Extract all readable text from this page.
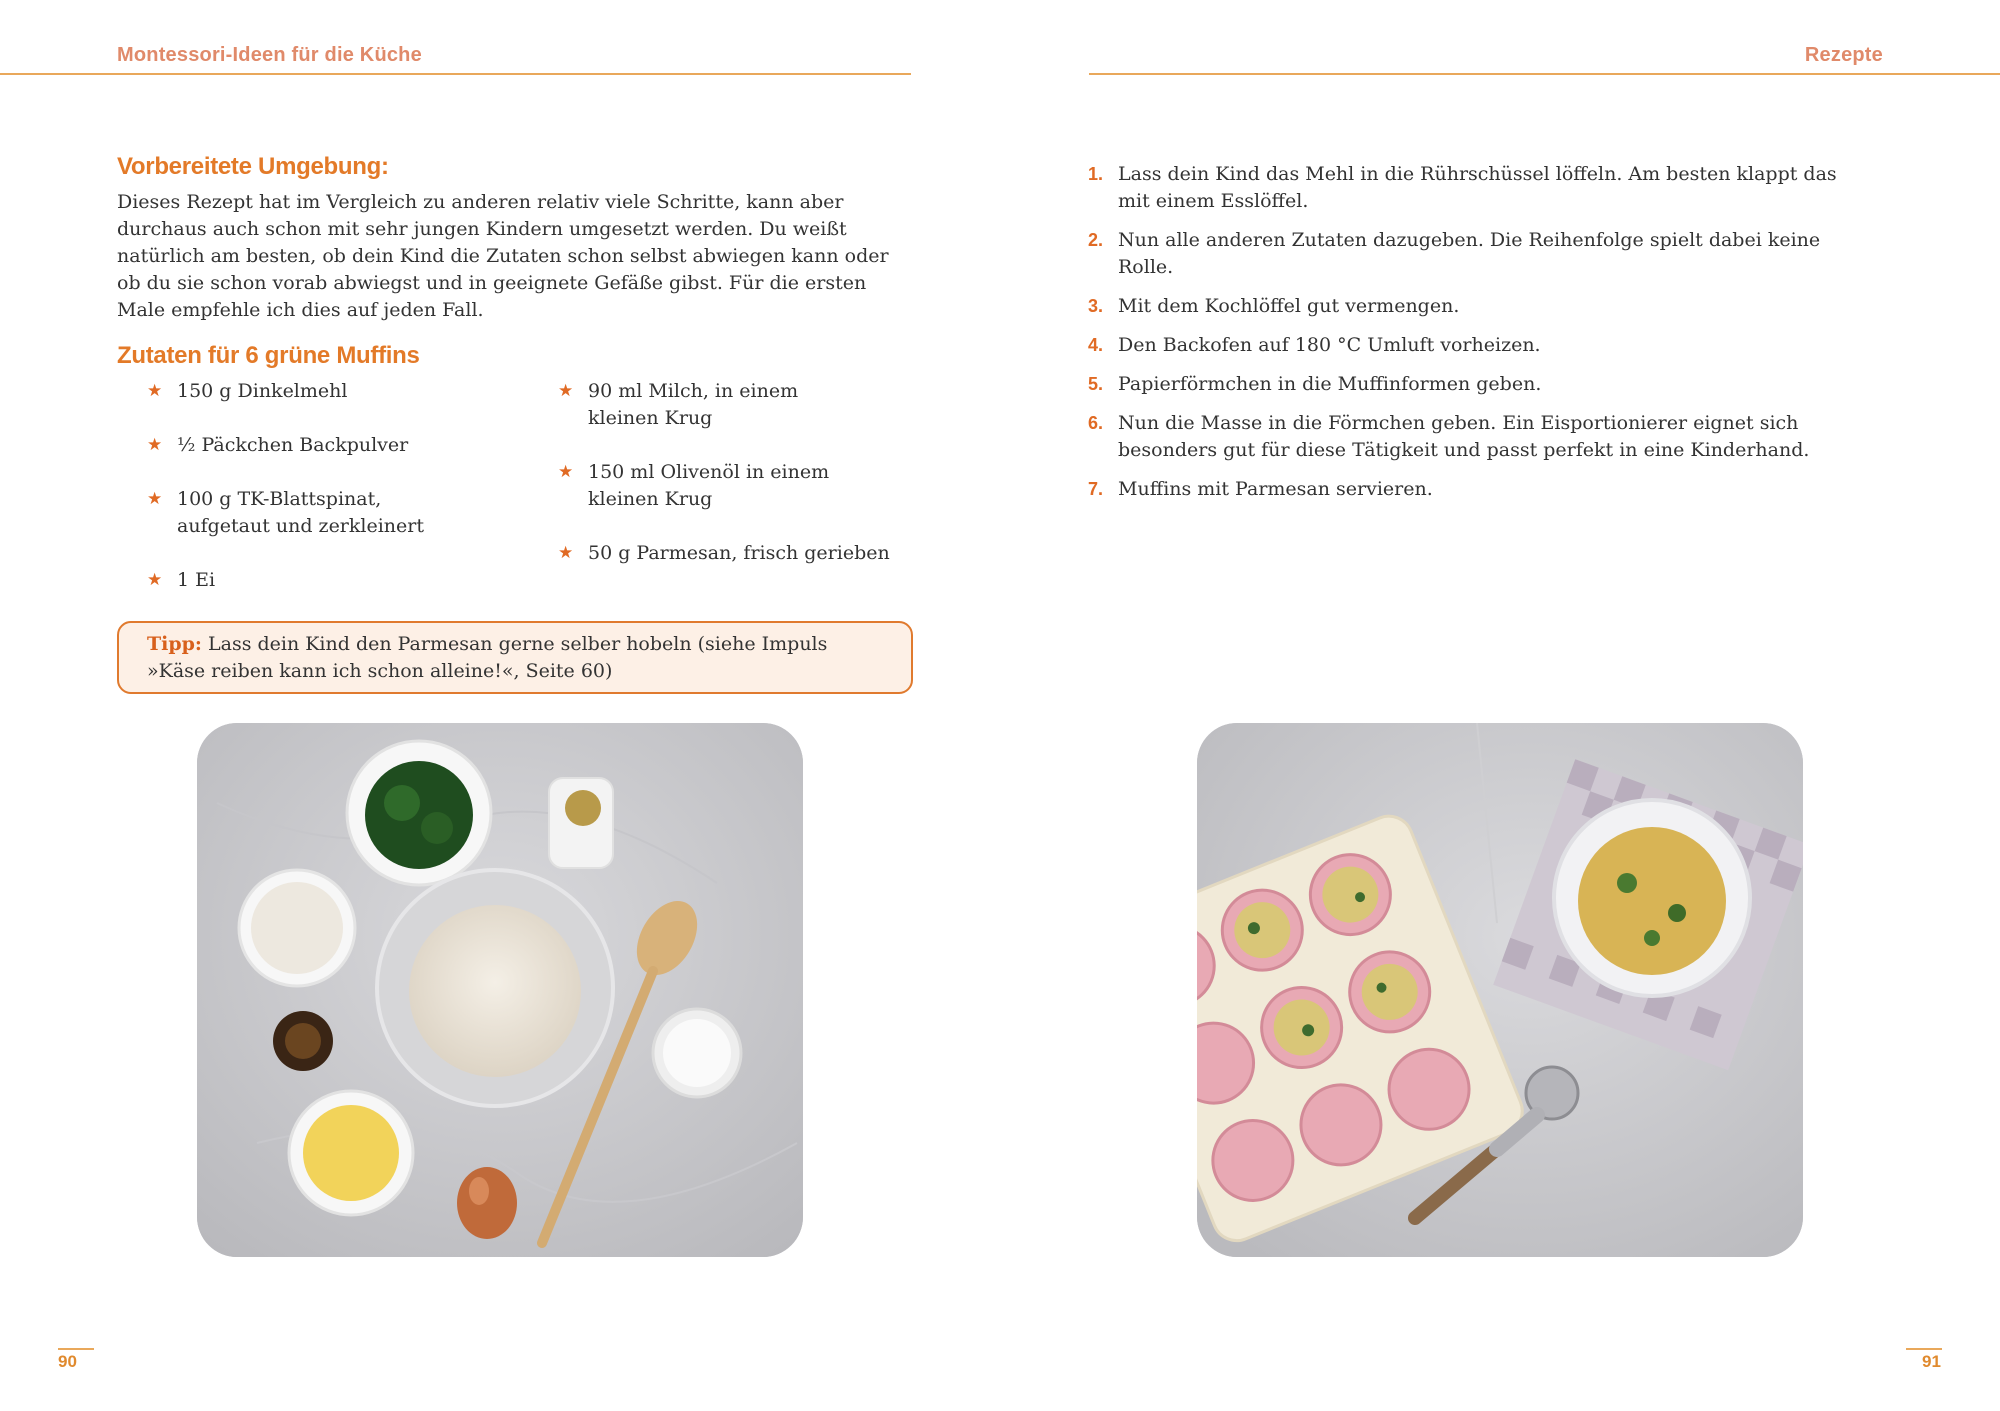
Montessori-Ideen für die Küche
Vorbereitete Umgebung:
Dieses Rezept hat im Vergleich zu anderen relativ viele Schritte, kann aber durchaus auch schon mit sehr jungen Kindern umgesetzt werden. Du weißt natürlich am besten, ob dein Kind die Zutaten schon selbst abwiegen kann oder ob du sie schon vorab abwiegst und in geeignete Gefäße gibst. Für die ersten Male empfehle ich dies auf jeden Fall.
Zutaten für 6 grüne Muffins
★ 150 g Dinkelmehl
★ ½ Päckchen Backpulver
★ 100 g TK-Blattspinat, aufgetaut und zerkleinert
★ 1 Ei
★ 90 ml Milch, in einem kleinen Krug
★ 150 ml Olivenöl in einem kleinen Krug
★ 50 g Parmesan, frisch gerieben
Tipp: Lass dein Kind den Parmesan gerne selber hobeln (siehe Impuls »Käse reiben kann ich schon alleine!«, Seite 60)
90
Rezepte
1. Lass dein Kind das Mehl in die Rührschüssel löffeln. Am besten klappt das mit einem Esslöffel.
2. Nun alle anderen Zutaten dazugeben. Die Reihenfolge spielt dabei keine Rolle.
3. Mit dem Kochlöffel gut vermengen.
4. Den Backofen auf 180 °C Umluft vorheizen.
5. Papierförmchen in die Muffinformen geben.
6. Nun die Masse in die Förmchen geben. Ein Eisportionierer eignet sich besonders gut für diese Tätigkeit und passt perfekt in eine Kinderhand.
7. Muffins mit Parmesan servieren.
91
